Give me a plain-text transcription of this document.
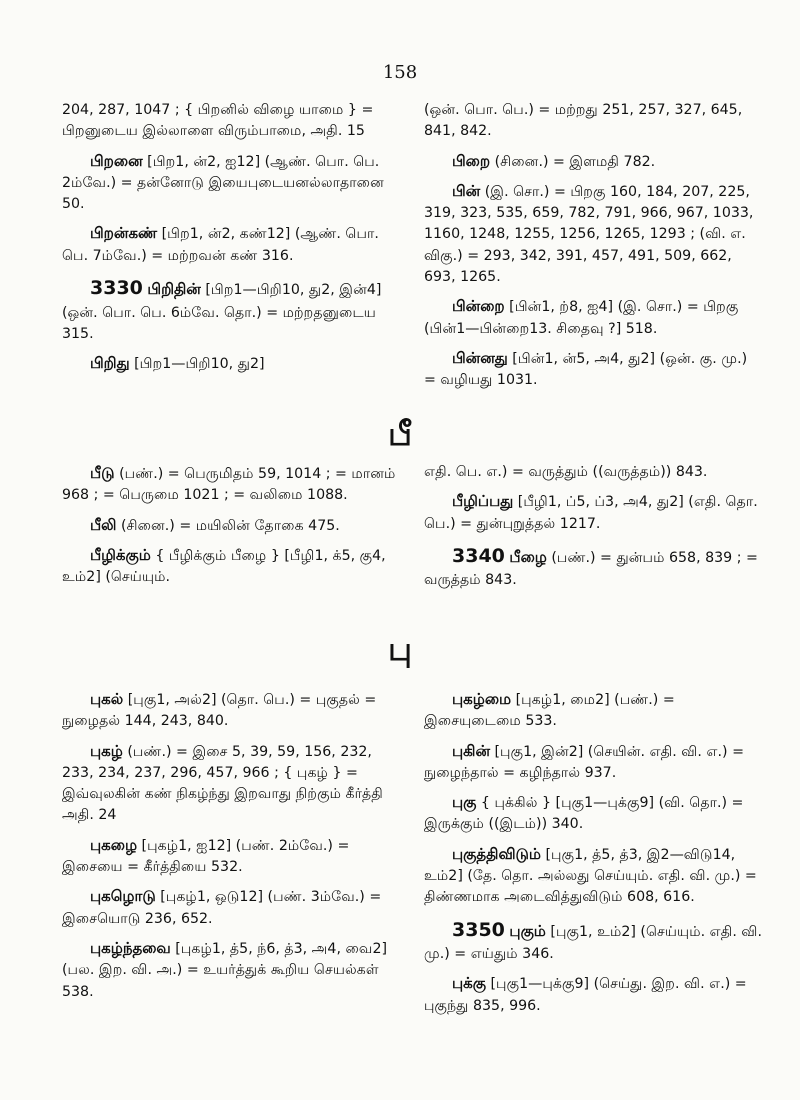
158

204, 287, 1047 ; { பிறனில் விழை யாமை } = பிறனுடைய இல்லாளை விரும்பாமை, அதி. 15

பிறனை [பிற1, ன்2, ஐ12] (ஆண். பொ. பெ. 2ம்வே.) = தன்னோடு இயைபுடையனல்லாதானை 50.

பிறன்கண் [பிற1, ன்2, கண்12] (ஆண். பொ. பெ. 7ம்வே.) = மற்றவன் கண் 316.

3330 பிறிதின் [பிற1—பிறி10, து2, இன்4] (ஒன். பொ. பெ. 6ம்வே. தொ.) = மற்றதனுடைய 315.

பிறிது [பிற1—பிறி10, து2]

(ஒன். பொ. பெ.) = மற்றது 251, 257, 327, 645, 841, 842.

பிறை (சினை.) = இளமதி 782.

பின் (இ. சொ.) = பிறகு 160, 184, 207, 225, 319, 323, 535, 659, 782, 791, 966, 967, 1033, 1160, 1248, 1255, 1256, 1265, 1293 ; (வி. எ. விகு.) = 293, 342, 391, 457, 491, 509, 662, 693, 1265.

பின்றை [பின்1, ற்8, ஐ4] (இ. சொ.) = பிறகு (பின்1—பின்றை13. சிதைவு ?] 518.

பின்னது [பின்1, ன்5, அ4, து2] (ஒன். கு. மு.) = வழியது 1031.

பீ

பீடு (பண்.) = பெருமிதம் 59, 1014 ; = மானம் 968 ; = பெருமை 1021 ; = வலிமை 1088.

பீலி (சினை.) = மயிலின் தோகை 475.

பீழிக்கும் { பீழிக்கும் பீழை } [பீழி1, க்5, கு4, உம்2] (செய்யும்.

எதி. பெ. எ.) = வருத்தும் ((வருத்தம்)) 843.

பீழிப்பது [பீழி1, ப்5, ப்3, அ4, து2] (எதி. தொ. பெ.) = துன்புறுத்தல் 1217.

3340 பீழை (பண்.) = துன்பம் 658, 839 ; = வருத்தம் 843.

பு

புகல் [புகு1, அல்2] (தொ. பெ.) = புகுதல் = நுழைதல் 144, 243, 840.

புகழ் (பண்.) = இசை 5, 39, 59, 156, 232, 233, 234, 237, 296, 457, 966 ; { புகழ் } = இவ்வுலகின் கண் நிகழ்ந்து இறவாது நிற்கும் கீர்த்தி அதி. 24

புகழை [புகழ்1, ஐ12] (பண். 2ம்வே.) = இசையை = கீர்த்தியை 532.

புகழொடு [புகழ்1, ஒடு12] (பண். 3ம்வே.) = இசையொடு 236, 652.

புகழ்ந்தவை [புகழ்1, த்5, ந்6, த்3, அ4, வை2] (பல. இற. வி. அ.) = உயர்த்துக் கூறிய செயல்கள் 538.

புகழ்மை [புகழ்1, மை2] (பண்.) = இசையுடைமை 533.

புகின் [புகு1, இன்2] (செயின். எதி. வி. எ.) = நுழைந்தால் = கழிந்தால் 937.

புகு { புக்கில் } [புகு1—புக்கு9] (வி. தொ.) = இருக்கும் ((இடம்)) 340.

புகுத்திவிடும் [புகு1, த்5, த்3, இ2—விடு14, உம்2] (தே. தொ. அல்லது செய்யும். எதி. வி. மு.) = திண்ணமாக அடைவித்துவிடும் 608, 616.

3350 புகும் [புகு1, உம்2] (செய்யும். எதி. வி. மு.) = எய்தும் 346.

புக்கு [புகு1—புக்கு9] (செய்து. இற. வி. எ.) = புகுந்து 835, 996.
